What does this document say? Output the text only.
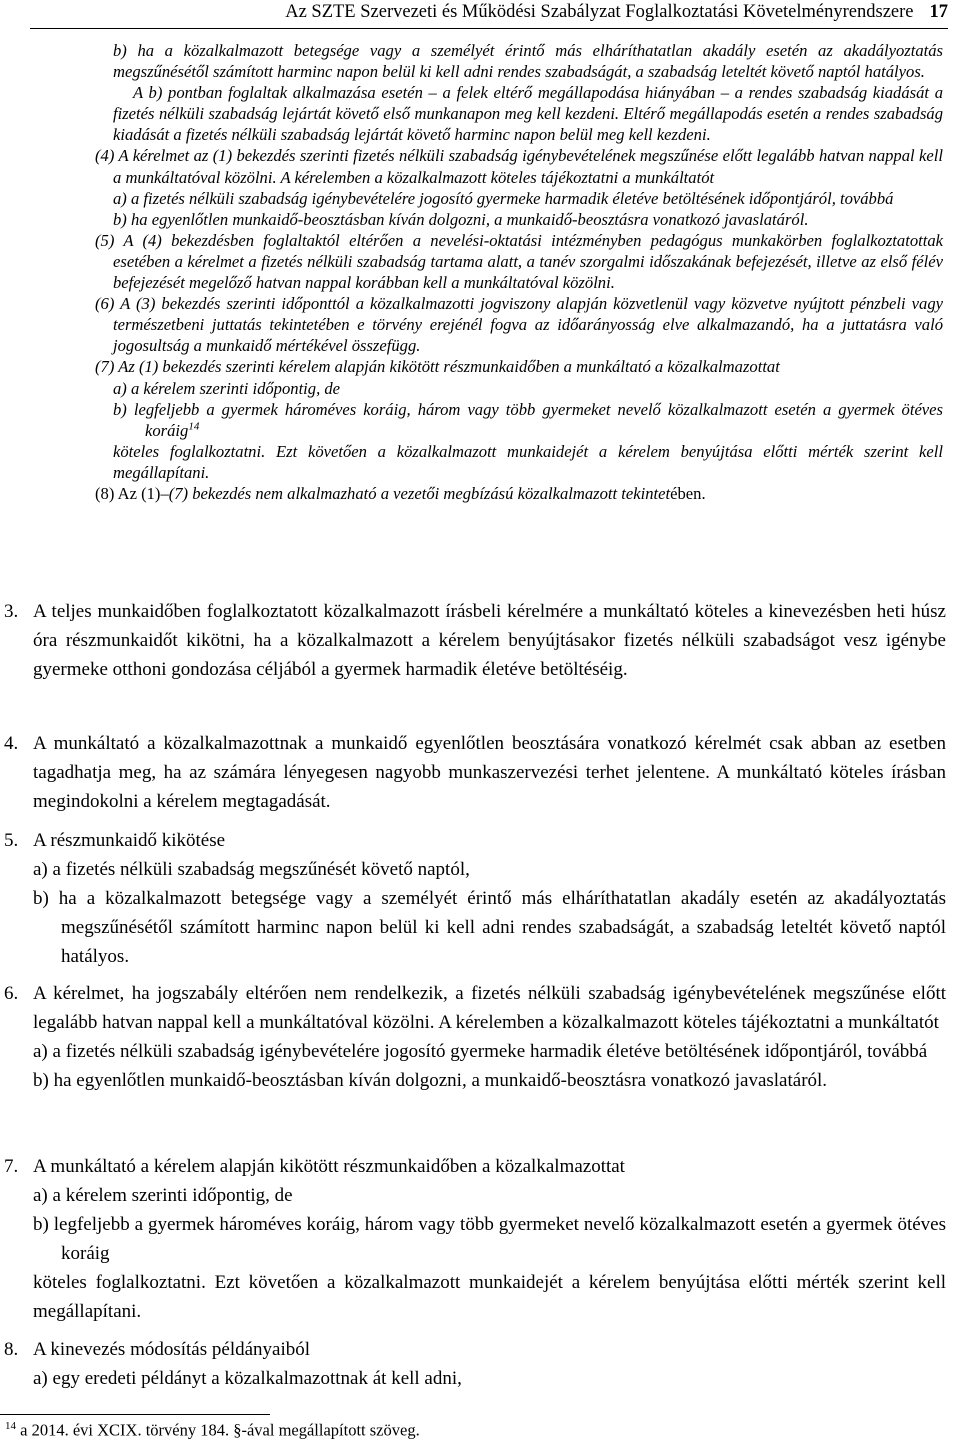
Az SZTE Szervezeti és Működési Szabályzat Foglalkoztatási Követelményrendszere 17

b) ha a közalkalmazott betegsége vagy a személyét érintő más elháríthatatlan akadály esetén az akadályoztatás megszűnésétől számított harminc napon belül ki kell adni rendes szabadságát, a szabadság leteltét követő naptól hatályos.

A b) pontban foglaltak alkalmazása esetén – a felek eltérő megállapodása hiányában – a rendes szabadság kiadását a fizetés nélküli szabadság lejártát követő első munkanapon meg kell kezdeni. Eltérő megállapodás esetén a rendes szabadság kiadását a fizetés nélküli szabadság lejártát követő harminc napon belül meg kell kezdeni.

(4) A kérelmet az (1) bekezdés szerinti fizetés nélküli szabadság igénybevételének megszűnése előtt legalább hatvan nappal kell a munkáltatóval közölni. A kérelemben a közalkalmazott köteles tájékoztatni a munkáltatót

a) a fizetés nélküli szabadság igénybevételére jogosító gyermeke harmadik életéve betöltésének időpontjáról, továbbá

b) ha egyenlőtlen munkaidő-beosztásban kíván dolgozni, a munkaidő-beosztásra vonatkozó javaslatáról.

(5) A (4) bekezdésben foglaltaktól eltérően a nevelési-oktatási intézményben pedagógus munkakörben foglalkoztatottak esetében a kérelmet a fizetés nélküli szabadság tartama alatt, a tanév szorgalmi időszakának befejezését, illetve az első félév befejezését megelőző hatvan nappal korábban kell a munkáltatóval közölni.

(6) A (3) bekezdés szerinti időponttól a közalkalmazotti jogviszony alapján közvetlenül vagy közvetve nyújtott pénzbeli vagy természetbeni juttatás tekintetében e törvény erejénél fogva az időarányosság elve alkalmazandó, ha a juttatásra való jogosultság a munkaidő mértékével összefügg.

(7) Az (1) bekezdés szerinti kérelem alapján kikötött részmunkaidőben a munkáltató a közalkalmazottat

a) a kérelem szerinti időpontig, de

b) legfeljebb a gyermek hároméves koráig, három vagy több gyermeket nevelő közalkalmazott esetén a gyermek ötéves koráig$^{14}$

köteles foglalkoztatni. Ezt követően a közalkalmazott munkaidejét a kérelem benyújtása előtti mérték szerint kell megállapítani.

(8) Az (1)–(7) bekezdés nem alkalmazható a vezetői megbízású közalkalmazott tekintetében.

3. A teljes munkaidőben foglalkoztatott közalkalmazott írásbeli kérelmére a munkáltató köteles a kinevezésben heti húsz óra részmunkaidőt kikötni, ha a közalkalmazott a kérelem benyújtásakor fizetés nélküli szabadságot vesz igénybe gyermeke otthoni gondozása céljából a gyermek harmadik életéve betöltéséig.
4. A munkáltató a közalkalmazottnak a munkaidő egyenlőtlen beosztására vonatkozó kérelmét csak abban az esetben tagadhatja meg, ha az számára lényegesen nagyobb munkaszervezési terhet jelentene. A munkáltató köteles írásban megindokolni a kérelem megtagadását.
5. A részmunkaidő kikötése
a) a fizetés nélküli szabadság megszűnését követő naptól,
b) ha a közalkalmazott betegsége vagy a személyét érintő más elháríthatatlan akadály esetén az akadályoztatás megszűnésétől számított harminc napon belül ki kell adni rendes szabadságát, a szabadság leteltét követő naptól hatályos.
6. A kérelmet, ha jogszabály eltérően nem rendelkezik, a fizetés nélküli szabadság igénybevételének megszűnése előtt legalább hatvan nappal kell a munkáltatóval közölni. A kérelemben a közalkalmazott köteles tájékoztatni a munkáltatót
a) a fizetés nélküli szabadság igénybevételére jogosító gyermeke harmadik életéve betöltésének időpontjáról, továbbá
b) ha egyenlőtlen munkaidő-beosztásban kíván dolgozni, a munkaidő-beosztásra vonatkozó javaslatáról.
7. A munkáltató a kérelem alapján kikötött részmunkaidőben a közalkalmazottat
a) a kérelem szerinti időpontig, de
b) legfeljebb a gyermek hároméves koráig, három vagy több gyermeket nevelő közalkalmazott esetén a gyermek ötéves koráig
köteles foglalkoztatni. Ezt követően a közalkalmazott munkaidejét a kérelem benyújtása előtti mérték szerint kell megállapítani.
8. A kinevezés módosítás példányaiból
a) egy eredeti példányt a közalkalmazottnak át kell adni,
$^{14}$ a 2014. évi XCIX. törvény 184. §-ával megállapított szöveg.
